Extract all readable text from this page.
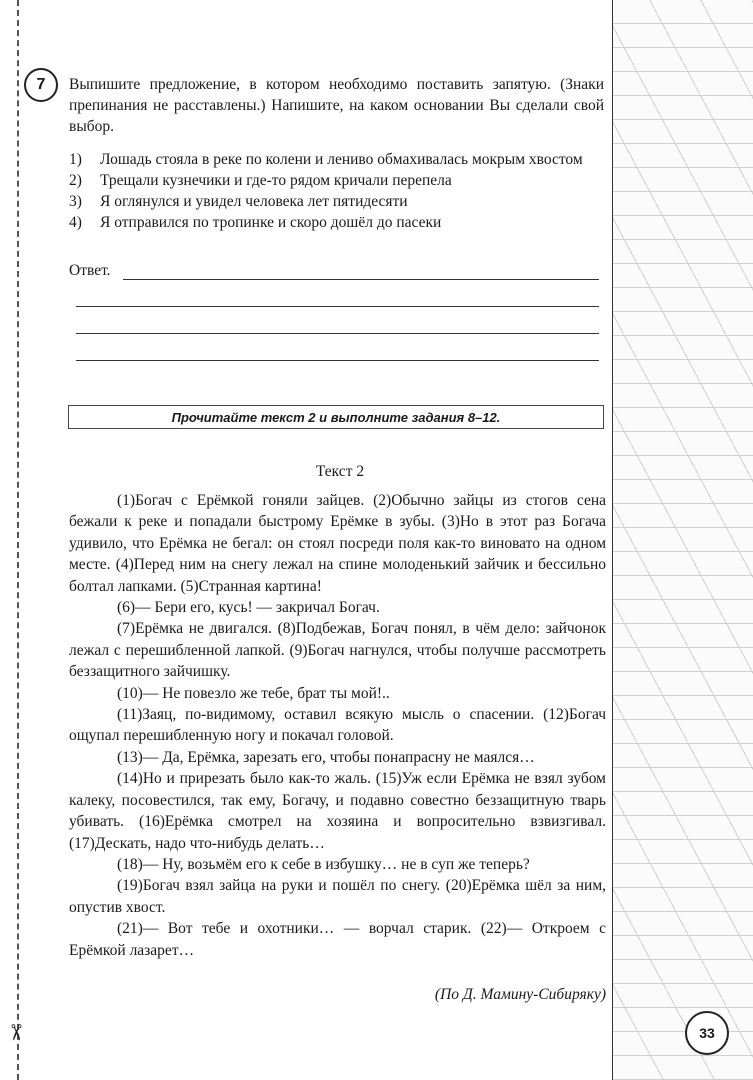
✂
7	Выпишите предложение, в котором необходимо поставить запятую. (Знаки препинания не расставлены.) Напишите, на каком основании Вы сделали свой выбор.
1)	Лошадь стояла в реке по колени и лениво обмахивалась мокрым хвостом
2)	Трещали кузнечики и где-то рядом кричали перепела
3)	Я оглянулся и увидел человека лет пятидесяти
4)	Я отправился по тропинке и скоро дошёл до пасеки
Ответ.
Прочитайте текст 2 и выполните задания 8–12.
Текст 2

(1)Богач с Ерёмкой гоняли зайцев. (2)Обычно зайцы из стогов сена бежали к реке и попадали быстрому Ерёмке в зубы. (3)Но в этот раз Богача удивило, что Ерёмка не бегал: он стоял посреди поля как-то виновато на одном месте. (4)Перед ним на снегу лежал на спине молоденький зайчик и бессильно болтал лапками. (5)Странная картина!

(6)— Бери его, кусь! — закричал Богач.

(7)Ерёмка не двигался. (8)Подбежав, Богач понял, в чём дело: зайчонок лежал с перешибленной лапкой. (9)Богач нагнулся, чтобы получше рассмотреть беззащитного зайчишку.

(10)— Не повезло же тебе, брат ты мой!..

(11)Заяц, по-видимому, оставил всякую мысль о спасении. (12)Богач ощупал перешибленную ногу и покачал головой.

(13)— Да, Ерёмка, зарезать его, чтобы понапрасну не маялся…

(14)Но и прирезать было как-то жаль. (15)Уж если Ерёмка не взял зубом калеку, посовестился, так ему, Богачу, и подавно совестно беззащитную тварь убивать. (16)Ерёмка смотрел на хозяина и вопросительно взвизгивал. (17)Дескать, надо что-нибудь делать…

(18)— Ну, возьмём его к себе в избушку… не в суп же теперь?

(19)Богач взял зайца на руки и пошёл по снегу. (20)Ерёмка шёл за ним, опустив хвост.

(21)— Вот тебе и охотники… — ворчал старик. (22)— Откроем с Ерёмкой лазарет…

(По Д. Мамину-Сибиряку)
33
